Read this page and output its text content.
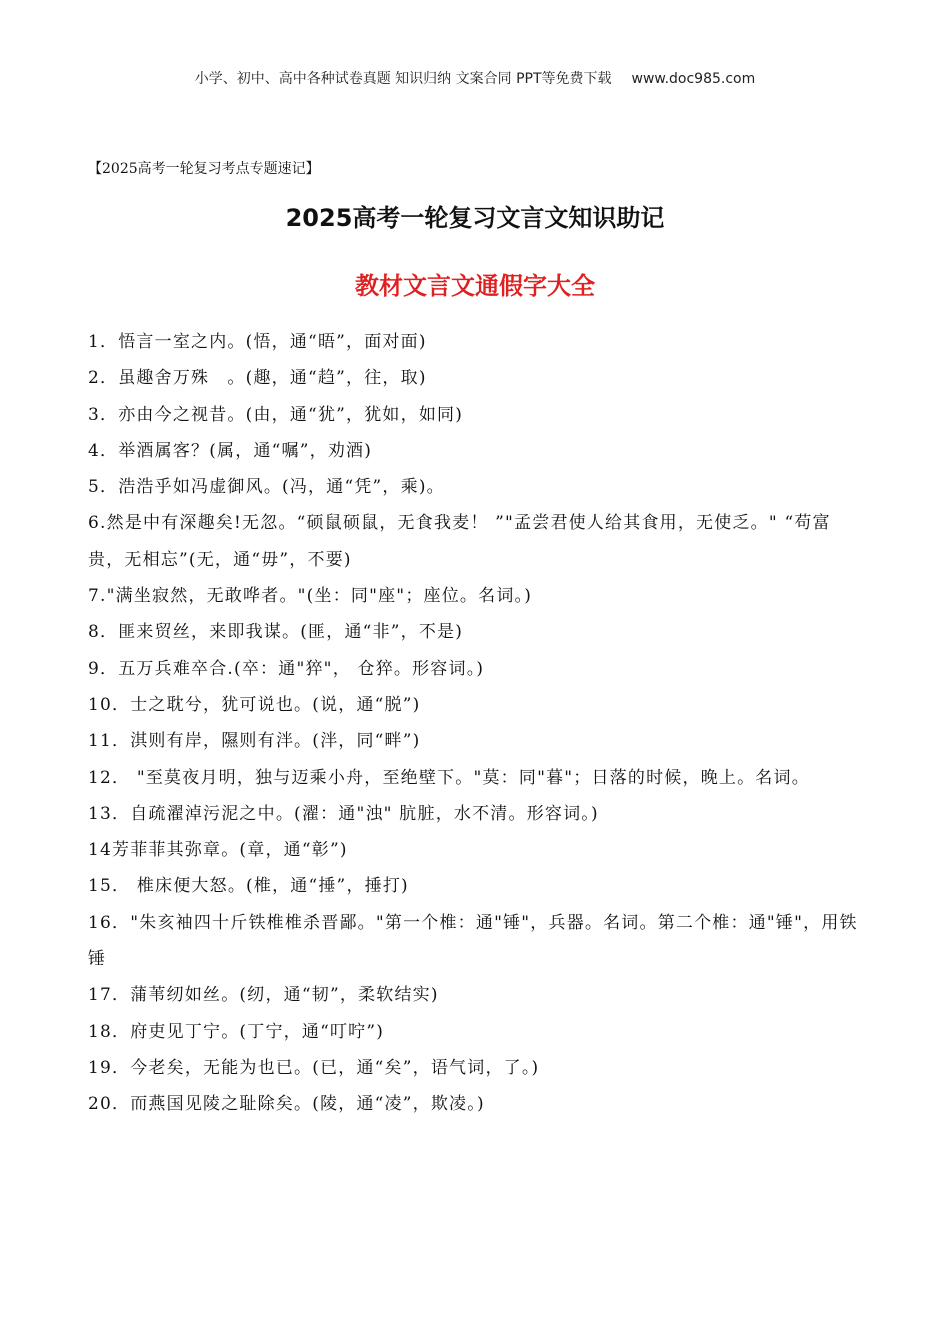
小学、初中、高中各种试卷真题 知识归纳 文案合同 PPT等免费下载 www.doc985.com
【2025高考一轮复习考点专题速记】
2025高考一轮复习文言文知识助记
教材文言文通假字大全

1．悟言一室之内。(悟，通“晤”，面对面)

2．虽趣舍万殊　。(趣，通“趋”，往，取)

3．亦由今之视昔。(由，通“犹”，犹如，如同)

4．举酒属客？(属，通“嘱”，劝酒)

5．浩浩乎如冯虚御风。(冯，通“凭”，乘)。

6.然是中有深趣矣!无忽。“硕鼠硕鼠，无食我麦！ ”"孟尝君使人给其食用，无使乏。" “苟富贵，无相忘”(无，通“毋”，不要)

7."满坐寂然，无敢哗者。"(坐：同"座"；座位。名词。)

8．匪来贸丝，来即我谋。(匪，通“非”，不是)

9．五万兵难卒合.(卒：通"猝"， 仓猝。形容词。)

10．士之耽兮，犹可说也。(说，通“脱”)

11．淇则有岸，隰则有泮。(泮，同“畔”)

12． "至莫夜月明，独与迈乘小舟，至绝壁下。"莫：同"暮"；日落的时候，晚上。名词。

13．自疏濯淖污泥之中。(濯：通"浊" 肮脏，水不清。形容词。)

14芳菲菲其弥章。(章，通“彰”)

15． 椎床便大怒。(椎，通“捶”，捶打)

16．"朱亥袖四十斤铁椎椎杀晋鄙。"第一个椎：通"锤"，兵器。名词。第二个椎：通"锤"，用铁锤

17．蒲苇纫如丝。(纫，通“韧”，柔软结实)

18．府吏见丁宁。(丁宁，通“叮咛”)

19．今老矣，无能为也已。(已，通“矣”，语气词，了。)

20．而燕国见陵之耻除矣。(陵，通“凌”，欺凌。)
